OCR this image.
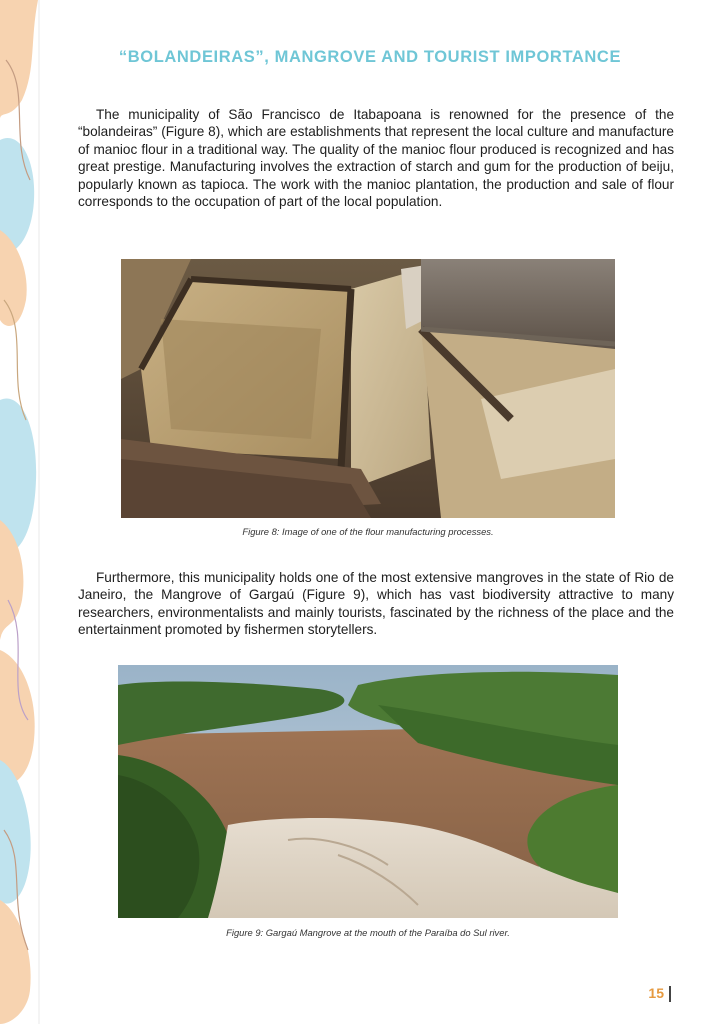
“BOLANDEIRAS”, MANGROVE AND TOURIST IMPORTANCE

The municipality of São Francisco de Itabapoana is renowned for the presence of the “bolandeiras” (Figure 8), which are establishments that represent the local culture and manufacture of manioc flour in a traditional way. The quality of the manioc flour produced is recognized and has great prestige. Manufacturing involves the extraction of starch and gum for the production of beiju, popularly known as tapioca. The work with the manioc plantation, the production and sale of flour corresponds to the occupation of part of the local population.

Figure 8: Image of one of the flour manufacturing processes.

Furthermore, this municipality holds one of the most extensive mangroves in the state of Rio de Janeiro, the Mangrove of Gargaú (Figure 9), which has vast biodiversity attractive to many researchers, environmentalists and mainly tourists, fascinated by the richness of the place and the entertainment promoted by fishermen storytellers.

Figure 9: Gargaú Mangrove at the mouth of the Paraíba do Sul river.
15
